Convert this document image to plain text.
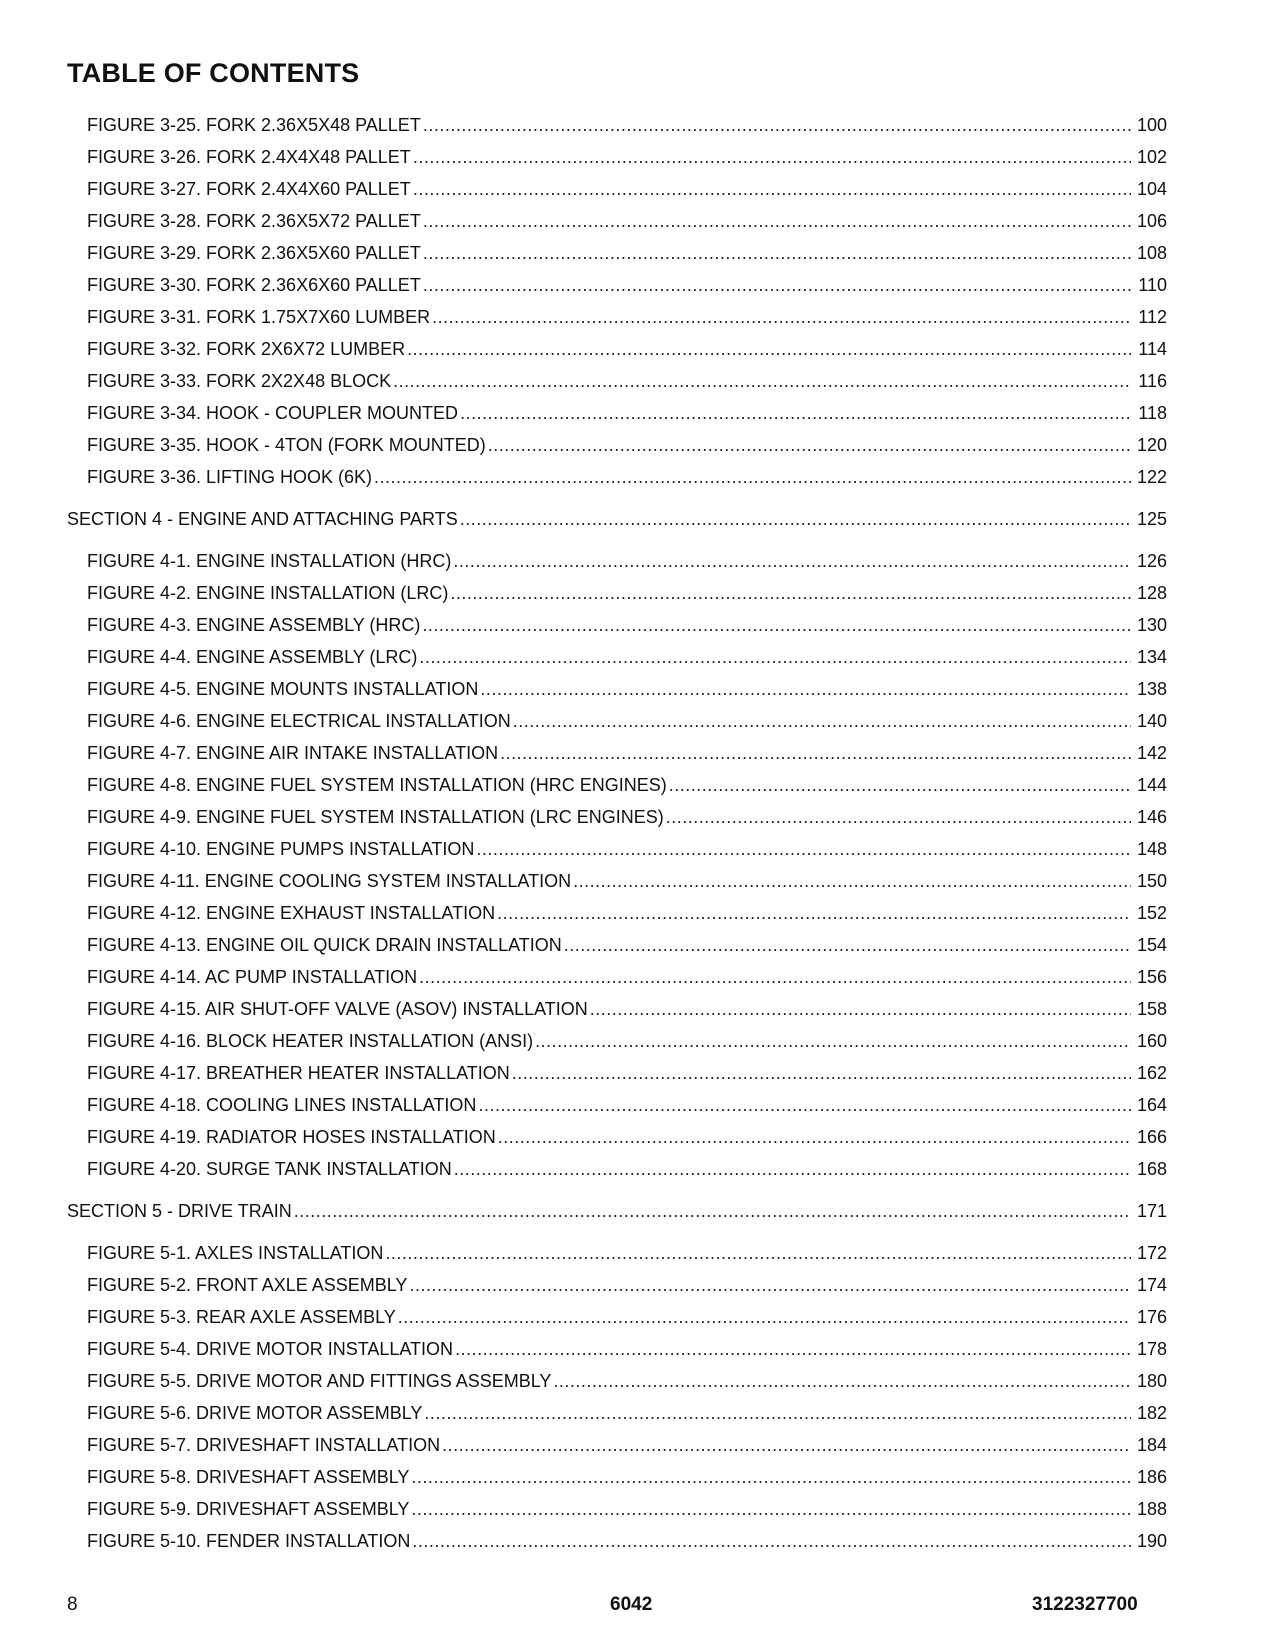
TABLE OF CONTENTS
FIGURE 3-25. FORK 2.36X5X48 PALLET .....	100
FIGURE 3-26. FORK 2.4X4X48 PALLET .....	102
FIGURE 3-27. FORK 2.4X4X60 PALLET .....	104
FIGURE 3-28. FORK 2.36X5X72 PALLET .....	106
FIGURE 3-29. FORK 2.36X5X60 PALLET .....	108
FIGURE 3-30. FORK 2.36X6X60 PALLET .....	110
FIGURE 3-31. FORK 1.75X7X60 LUMBER .....	112
FIGURE 3-32. FORK 2X6X72 LUMBER .....	114
FIGURE 3-33. FORK 2X2X48 BLOCK .....	116
FIGURE 3-34. HOOK - COUPLER MOUNTED .....	118
FIGURE 3-35. HOOK - 4TON (FORK MOUNTED) .....	120
FIGURE 3-36. LIFTING HOOK (6K) .....	122
SECTION 4 - ENGINE AND ATTACHING PARTS .....	125
FIGURE 4-1. ENGINE INSTALLATION (HRC) .....	126
FIGURE 4-2. ENGINE INSTALLATION (LRC) .....	128
FIGURE 4-3. ENGINE ASSEMBLY (HRC) .....	130
FIGURE 4-4. ENGINE ASSEMBLY (LRC) .....	134
FIGURE 4-5. ENGINE MOUNTS INSTALLATION .....	138
FIGURE 4-6. ENGINE ELECTRICAL INSTALLATION .....	140
FIGURE 4-7. ENGINE AIR INTAKE INSTALLATION .....	142
FIGURE 4-8. ENGINE FUEL SYSTEM INSTALLATION (HRC ENGINES) .....	144
FIGURE 4-9. ENGINE FUEL SYSTEM INSTALLATION (LRC ENGINES) .....	146
FIGURE 4-10. ENGINE PUMPS INSTALLATION .....	148
FIGURE 4-11. ENGINE COOLING SYSTEM INSTALLATION .....	150
FIGURE 4-12. ENGINE EXHAUST INSTALLATION .....	152
FIGURE 4-13. ENGINE OIL QUICK DRAIN INSTALLATION .....	154
FIGURE 4-14. AC PUMP INSTALLATION .....	156
FIGURE 4-15. AIR SHUT-OFF VALVE (ASOV) INSTALLATION .....	158
FIGURE 4-16. BLOCK HEATER INSTALLATION (ANSI) .....	160
FIGURE 4-17. BREATHER HEATER INSTALLATION .....	162
FIGURE 4-18. COOLING LINES INSTALLATION .....	164
FIGURE 4-19. RADIATOR HOSES INSTALLATION .....	166
FIGURE 4-20. SURGE TANK INSTALLATION .....	168
SECTION 5 - DRIVE TRAIN .....	171
FIGURE 5-1. AXLES INSTALLATION .....	172
FIGURE 5-2. FRONT AXLE ASSEMBLY .....	174
FIGURE 5-3. REAR AXLE ASSEMBLY .....	176
FIGURE 5-4. DRIVE MOTOR INSTALLATION .....	178
FIGURE 5-5. DRIVE MOTOR AND FITTINGS ASSEMBLY .....	180
FIGURE 5-6. DRIVE MOTOR ASSEMBLY .....	182
FIGURE 5-7. DRIVESHAFT INSTALLATION .....	184
FIGURE 5-8. DRIVESHAFT ASSEMBLY .....	186
FIGURE 5-9. DRIVESHAFT ASSEMBLY .....	188
FIGURE 5-10. FENDER INSTALLATION .....	190
8	6042	3122327700
